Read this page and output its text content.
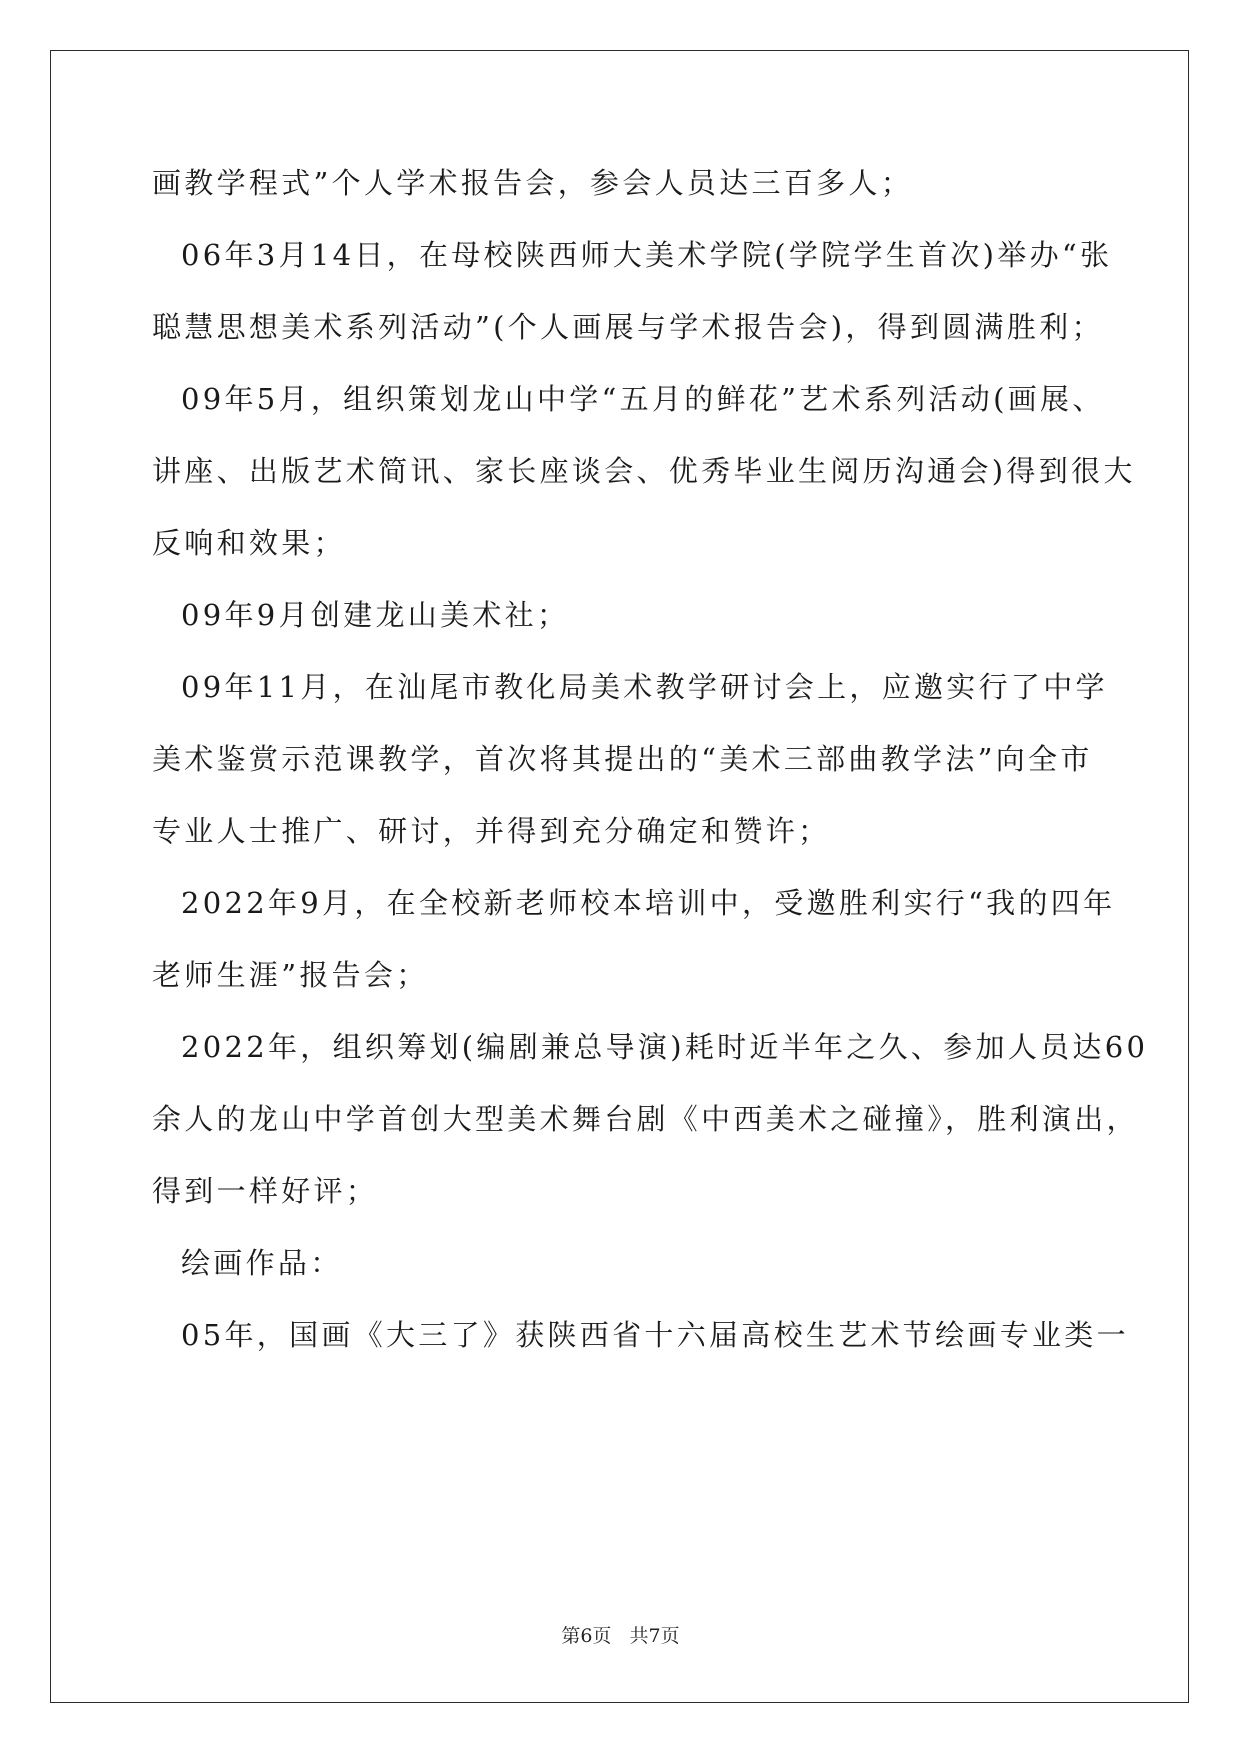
画教学程式”个人学术报告会，参会人员达三百多人；
06年3月14日，在母校陕西师大美术学院(学院学生首次)举办“张
聪慧思想美术系列活动”(个人画展与学术报告会)，得到圆满胜利；
09年5月，组织策划龙山中学“五月的鲜花”艺术系列活动(画展、
讲座、出版艺术简讯、家长座谈会、优秀毕业生阅历沟通会)得到很大
反响和效果；
09年9月创建龙山美术社；
09年11月，在汕尾市教化局美术教学研讨会上，应邀实行了中学
美术鉴赏示范课教学，首次将其提出的“美术三部曲教学法”向全市
专业人士推广、研讨，并得到充分确定和赞许；
2022年9月，在全校新老师校本培训中，受邀胜利实行“我的四年
老师生涯”报告会；
2022年，组织筹划(编剧兼总导演)耗时近半年之久、参加人员达60
余人的龙山中学首创大型美术舞台剧《中西美术之碰撞》，胜利演出，
得到一样好评；
绘画作品：
05年，国画《大三了》获陕西省十六届高校生艺术节绘画专业类一
第6页   共7页
